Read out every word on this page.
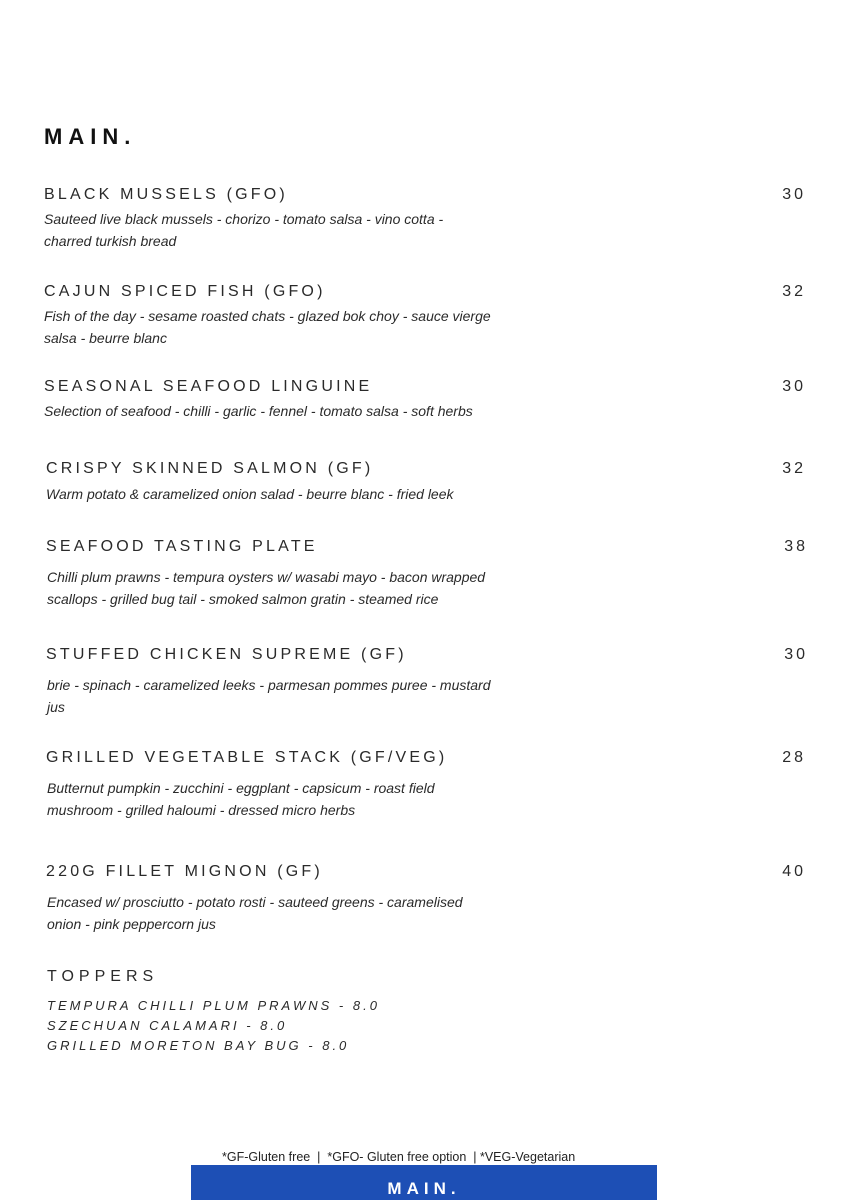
MAIN.
BLACK MUSSELS (GFO)	30
Sauteed live black mussels - chorizo - tomato salsa - vino cotta -
charred turkish bread
CAJUN SPICED FISH (GFO)	32
Fish of the day - sesame roasted chats - glazed bok choy - sauce vierge
salsa - beurre blanc
SEASONAL SEAFOOD LINGUINE	30
Selection of seafood - chilli - garlic - fennel - tomato salsa - soft herbs
CRISPY SKINNED SALMON (GF)	32
Warm potato & caramelized onion salad - beurre blanc - fried leek
SEAFOOD TASTING PLATE	38
Chilli plum prawns - tempura oysters w/ wasabi mayo - bacon wrapped
scallops - grilled bug tail - smoked salmon gratin - steamed rice
STUFFED CHICKEN SUPREME (GF)	30
brie - spinach - caramelized leeks - parmesan pommes puree - mustard
jus
GRILLED VEGETABLE STACK (GF/VEG)	28
Butternut pumpkin - zucchini - eggplant - capsicum - roast field
mushroom - grilled haloumi - dressed micro herbs
220G FILLET MIGNON (GF)	40
Encased w/ prosciutto - potato rosti - sauteed greens - caramelised
onion - pink peppercorn jus
TOPPERS
TEMPURA CHILLI PLUM PRAWNS - 8.0
SZECHUAN CALAMARI - 8.0
GRILLED MORETON BAY BUG - 8.0
*GF-Gluten free  |  *GFO- Gluten free option  | *VEG-Vegetarian
MAIN.
